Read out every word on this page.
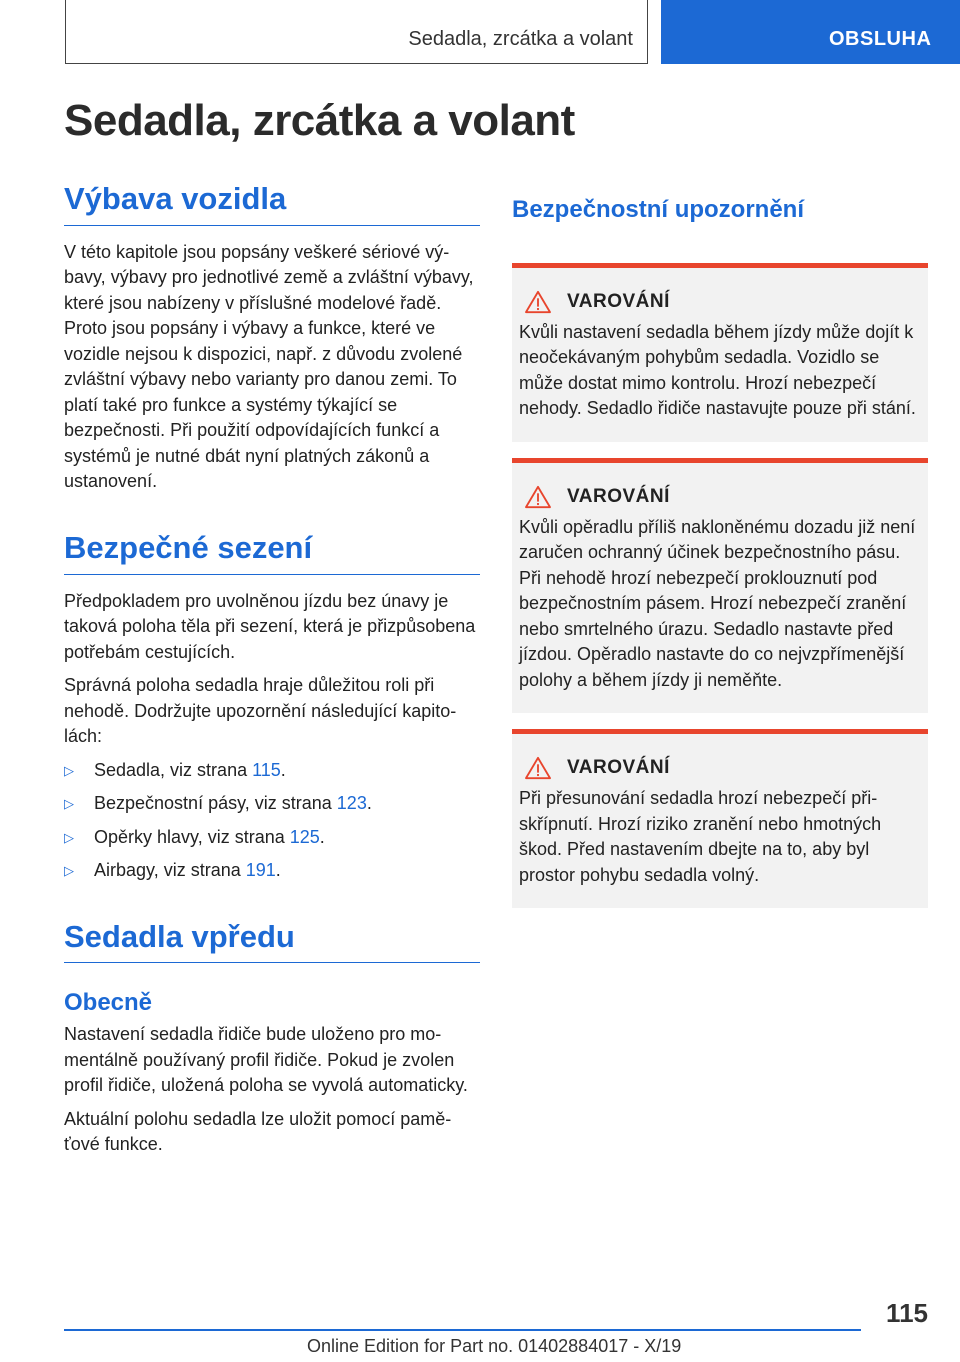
Sedadla, zrcátka a volant	OBSLUHA
Sedadla, zrcátka a volant
Výbava vozidla

V této kapitole jsou popsány veškeré sériové výbavy, výbavy pro jednotlivé země a zvláštní výbavy, které jsou nabízeny v příslušné modelové řadě. Proto jsou popsány i výbavy a funkce, které ve vozidle nejsou k dispozici, např. z důvodu zvolené zvláštní výbavy nebo varianty pro danou zemi. To platí také pro funkce a systémy týkající se bezpečnosti. Při použití odpovídajících funkcí a systémů je nutné dbát nyní platných zákonů a ustanovení.

Bezpečné sezení

Předpokladem pro uvolněnou jízdu bez únavy je taková poloha těla při sezení, která je přizpůsobena potřebám cestujících.

Správná poloha sedadla hraje důležitou roli při nehodě. Dodržujte upozornění následující kapitolách:

▷ Sedadla, viz strana 115.
▷ Bezpečnostní pásy, viz strana 123.
▷ Opěrky hlavy, viz strana 125.
▷ Airbagy, viz strana 191.
Sedadla vpředu
Obecně

Nastavení sedadla řidiče bude uloženo pro momentálně používaný profil řidiče. Pokud je zvolen profil řidiče, uložená poloha se vyvolá automaticky.

Aktuální polohu sedadla lze uložit pomocí paměťové funkce.

Bezpečnostní upozornění
VAROVÁNÍ

Kvůli nastavení sedadla během jízdy může dojít k neočekávaným pohybům sedadla. Vozidlo se může dostat mimo kontrolu. Hrozí nebezpečí nehody. Sedadlo řidiče nastavujte pouze při stání.

VAROVÁNÍ

Kvůli opěradlu příliš nakloněnému dozadu již není zaručen ochranný účinek bezpečnostního pásu. Při nehodě hrozí nebezpečí proklouznutí pod bezpečnostním pásem. Hrozí nebezpečí zranění nebo smrtelného úrazu. Sedadlo nastavte před jízdou. Opěradlo nastavte do co nejvzpřímenější polohy a během jízdy ji neměňte.

VAROVÁNÍ

Při přesunování sedadla hrozí nebezpečí přiskřípnutí. Hrozí riziko zranění nebo hmotných škod. Před nastavením dbejte na to, aby byl prostor pohybu sedadla volný.

115
Online Edition for Part no. 01402884017 - X/19
